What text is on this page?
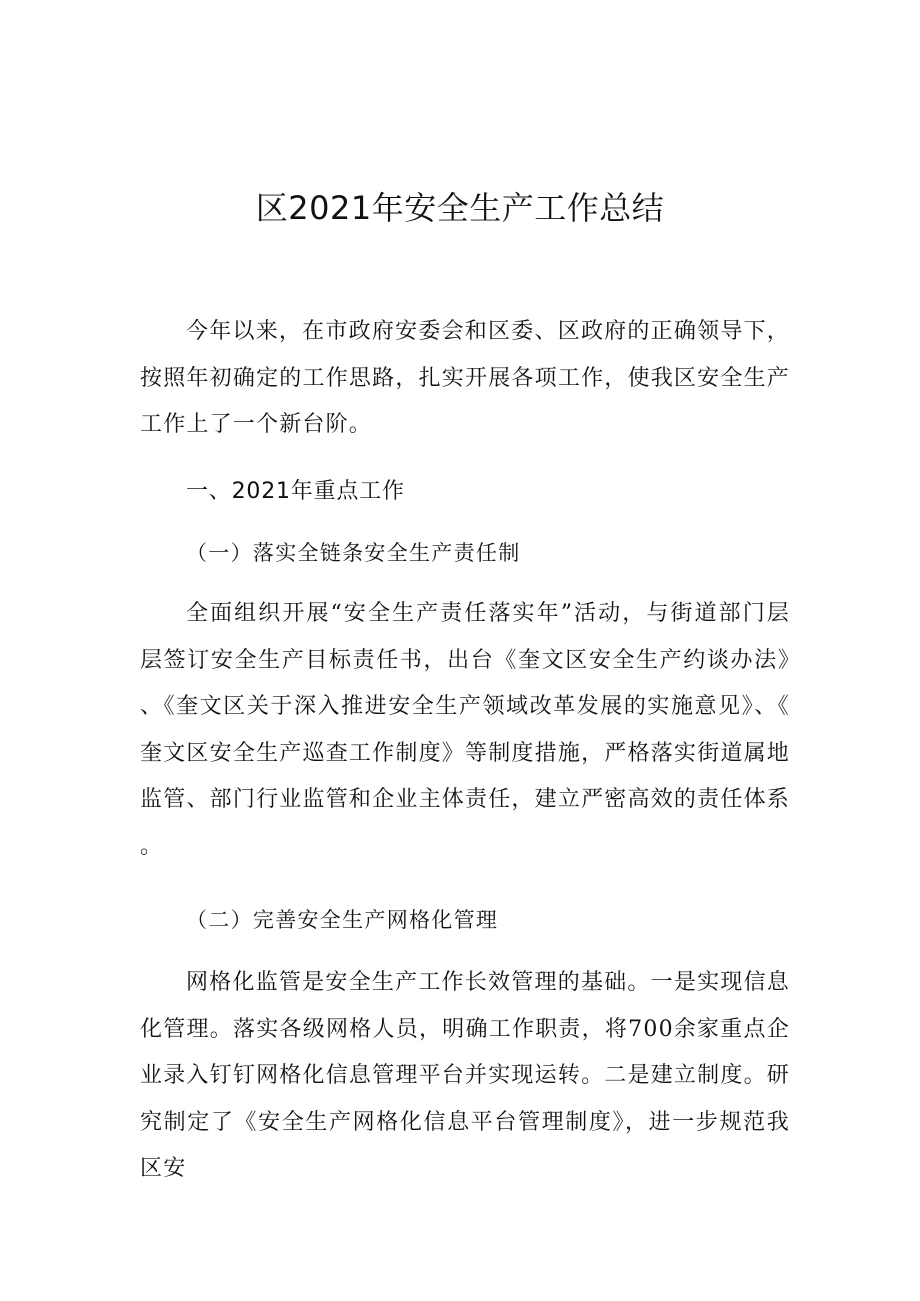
区2021年安全生产工作总结

今年以来，在市政府安委会和区委、区政府的正确领导下，按照年初确定的工作思路，扎实开展各项工作，使我区安全生产工作上了一个新台阶。

一、2021年重点工作
（一）落实全链条安全生产责任制

全面组织开展“安全生产责任落实年”活动，与街道部门层层签订安全生产目标责任书，出台《奎文区安全生产约谈办法》、《奎文区关于深入推进安全生产领域改革发展的实施意见》、《奎文区安全生产巡查工作制度》等制度措施，严格落实街道属地监管、部门行业监管和企业主体责任，建立严密高效的责任体系。

（二）完善安全生产网格化管理

网格化监管是安全生产工作长效管理的基础。一是实现信息化管理。落实各级网格人员，明确工作职责，将700余家重点企业录入钉钉网格化信息管理平台并实现运转。二是建立制度。研究制定了《安全生产网格化信息平台管理制度》，进一步规范我区安
